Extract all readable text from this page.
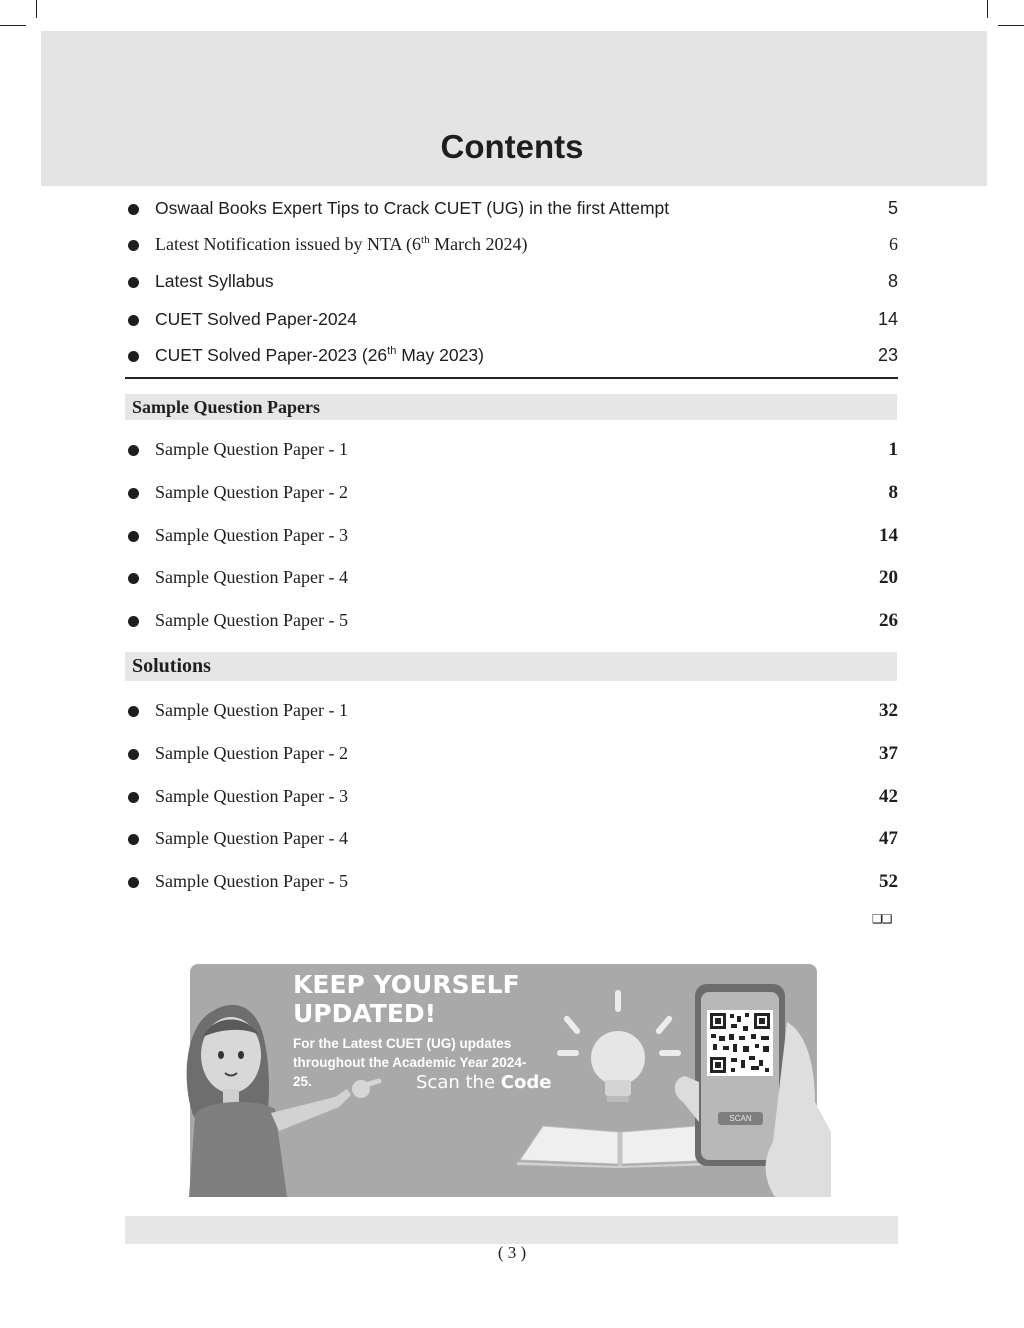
Contents
Oswaal Books Expert Tips to Crack CUET (UG) in the first Attempt	5
Latest Notification issued by NTA (6th March 2024)	6
Latest Syllabus	8
CUET Solved Paper-2024	14
CUET Solved Paper-2023 (26th May 2023)	23
Sample Question Papers
Sample Question Paper - 1	1
Sample Question Paper - 2	8
Sample Question Paper - 3	14
Sample Question Paper - 4	20
Sample Question Paper - 5	26
Solutions
Sample Question Paper - 1	32
Sample Question Paper - 2	37
Sample Question Paper - 3	42
Sample Question Paper - 4	47
Sample Question Paper - 5	52
❑❑
KEEP YOURSELF
UPDATED!
For the Latest CUET (UG) updates throughout the Academic Year 2024-25.	Scan the Code
SCAN
( 3 )
